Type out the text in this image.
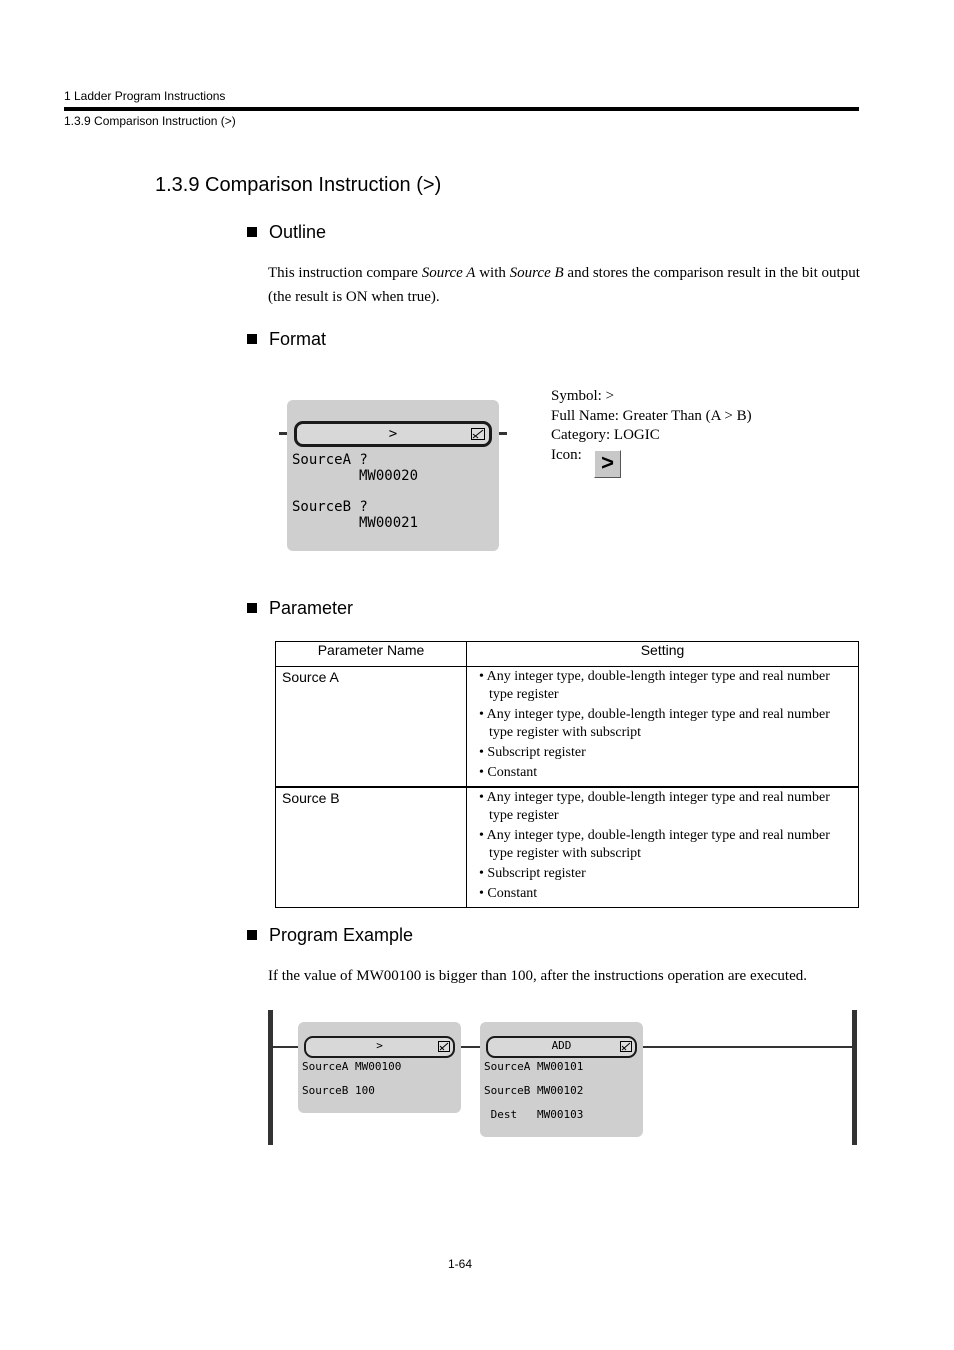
1 Ladder Program Instructions
1.3.9 Comparison Instruction (>)
1.3.9 Comparison Instruction (>)
Outline
This instruction compare Source A with Source B and stores the comparison result in the bit output (the result is ON when true).
Format
>
SourceA ?
MW00020
SourceB ?
MW00021
Symbol: >
Full Name: Greater Than (A > B)
Category: LOGIC
Icon: >
Parameter
Parameter Name	Setting
Source A	• Any integer type, double-length integer type and real number type register
• Any integer type, double-length integer type and real number type register with subscript
• Subscript register
• Constant

Source B	• Any integer type, double-length integer type and real number type register
• Any integer type, double-length integer type and real number type register with subscript
• Subscript register
• Constant
Program Example
If the value of MW00100 is bigger than 100, after the instructions operation are executed.
>
SourceA MW00100
SourceB 100
ADD
SourceA MW00101
SourceB MW00102
Dest   MW00103
1-64
